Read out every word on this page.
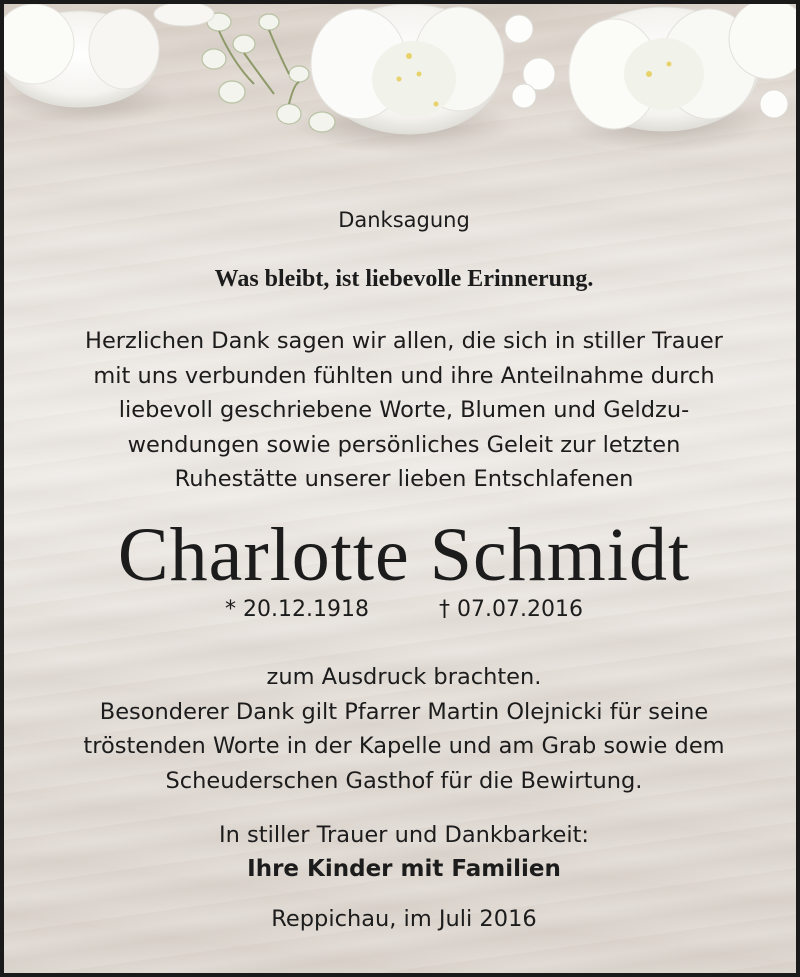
Danksagung
Was bleibt, ist liebevolle Erinnerung.
Herzlichen Dank sagen wir allen, die sich in stiller Trauer
mit uns verbunden fühlten und ihre Anteilnahme durch
liebevoll geschriebene Worte, Blumen und Geldzu-
wendungen sowie persönliches Geleit zur letzten
Ruhestätte unserer lieben Entschlafenen
Charlotte Schmidt
* 20.12.1918	† 07.07.2016
zum Ausdruck brachten.
Besonderer Dank gilt Pfarrer Martin Olejnicki für seine
tröstenden Worte in der Kapelle und am Grab sowie dem
Scheuderschen Gasthof für die Bewirtung.
In stiller Trauer und Dankbarkeit:
Ihre Kinder mit Familien
Reppichau, im Juli 2016
